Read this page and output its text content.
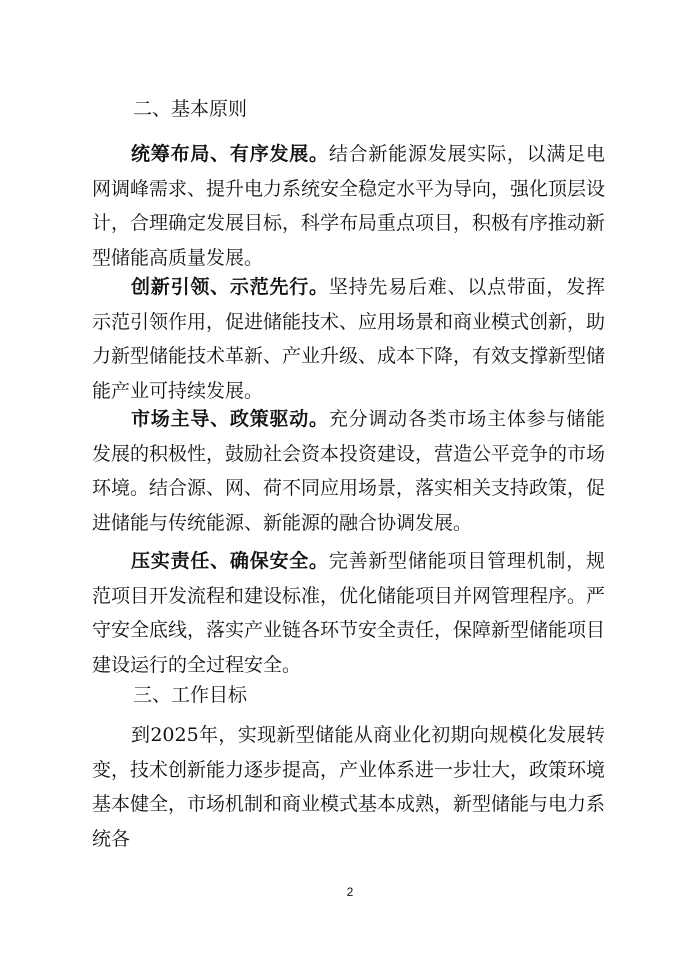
二、基本原则

统筹布局、有序发展。结合新能源发展实际，以满足电网调峰需求、提升电力系统安全稳定水平为导向，强化顶层设计，合理确定发展目标，科学布局重点项目，积极有序推动新型储能高质量发展。

创新引领、示范先行。坚持先易后难、以点带面，发挥示范引领作用，促进储能技术、应用场景和商业模式创新，助力新型储能技术革新、产业升级、成本下降，有效支撑新型储能产业可持续发展。

市场主导、政策驱动。充分调动各类市场主体参与储能发展的积极性，鼓励社会资本投资建设，营造公平竞争的市场环境。结合源、网、荷不同应用场景，落实相关支持政策，促进储能与传统能源、新能源的融合协调发展。

压实责任、确保安全。完善新型储能项目管理机制，规范项目开发流程和建设标准，优化储能项目并网管理程序。严守安全底线，落实产业链各环节安全责任，保障新型储能项目建设运行的全过程安全。

三、工作目标

到2025年，实现新型储能从商业化初期向规模化发展转变，技术创新能力逐步提高，产业体系进一步壮大，政策环境基本健全，市场机制和商业模式基本成熟，新型储能与电力系统各

2
